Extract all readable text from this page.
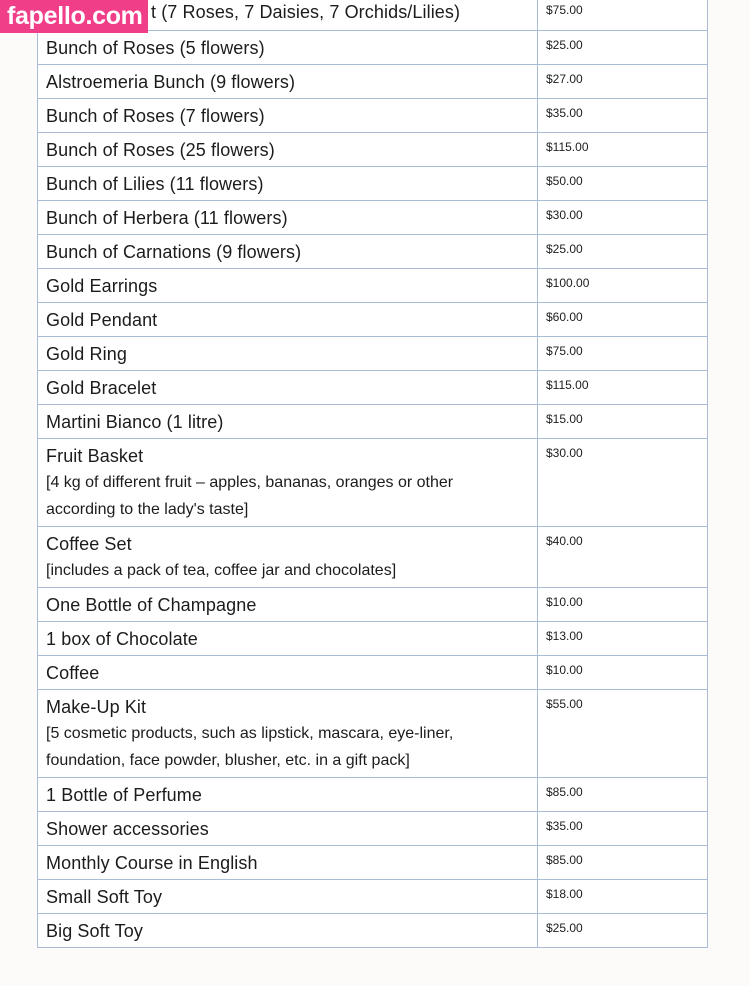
t (7 Roses, 7 Daisies, 7 Orchids/Lilies)	$75.00

Bunch of Roses (5 flowers)	$25.00

Alstroemeria Bunch (9 flowers)	$27.00

Bunch of Roses (7 flowers)	$35.00

Bunch of Roses (25 flowers)	$115.00

Bunch of Lilies (11 flowers)	$50.00

Bunch of Herbera (11 flowers)	$30.00

Bunch of Carnations (9 flowers)	$25.00

Gold Earrings	$100.00

Gold Pendant	$60.00

Gold Ring	$75.00

Gold Bracelet	$115.00

Martini Bianco (1 litre)	$15.00

Fruit Basket
[4 kg of different fruit – apples, bananas, oranges or other
according to the lady's taste]	$30.00

Coffee Set
[includes a pack of tea, coffee jar and chocolates]	$40.00

One Bottle of Champagne	$10.00

1 box of Chocolate	$13.00

Coffee	$10.00

Make-Up Kit
[5 cosmetic products, such as lipstick, mascara, eye-liner,
foundation, face powder, blusher, etc. in a gift pack]	$55.00

1 Bottle of Perfume	$85.00

Shower accessories	$35.00

Monthly Course in English	$85.00

Small Soft Toy	$18.00

Big Soft Toy	$25.00
fapello.com
